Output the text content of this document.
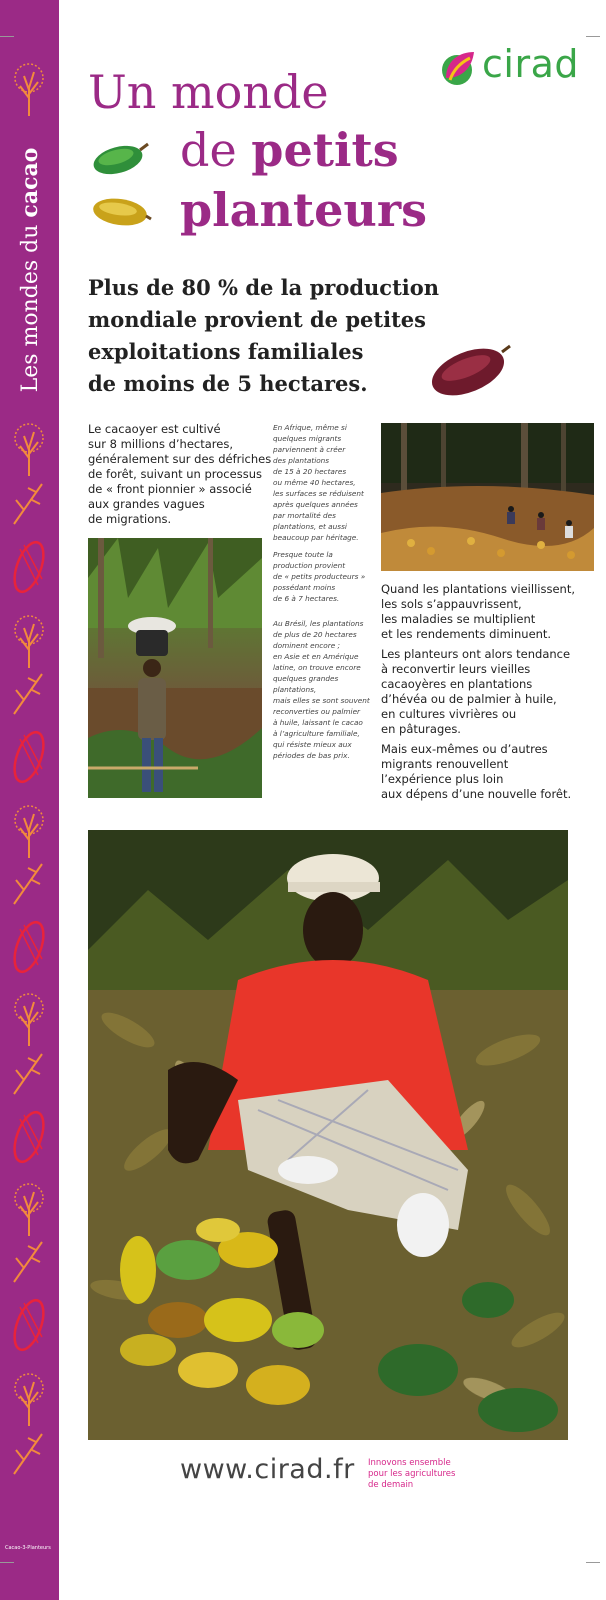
Les mondes du cacao
Cacao-3-Planteurs
cirad
Un monde
de petits
planteurs
Plus de 80 % de la production
mondiale provient de petites
exploitations familiales
de moins de 5 hectares.
Le cacaoyer est cultivé
sur 8 millions d’hectares,
généralement sur des défriches
de forêt, suivant un processus
de « front pionnier » associé
aux grandes vagues
de migrations.
En Afrique, même si
quelques migrants
parviennent à créer
des plantations
de 15 à 20 hectares
ou même 40 hectares,
les surfaces se réduisent
après quelques années
par mortalité des
plantations, et aussi
beaucoup par héritage.
Presque toute la
production provient
de « petits producteurs »
possédant moins
de 6 à 7 hectares.
Au Brésil, les plantations
de plus de 20 hectares
dominent encore ;
en Asie et en Amérique
latine, on trouve encore
quelques grandes
plantations,
mais elles se sont souvent
reconverties ou palmier
à huile, laissant le cacao
à l’agriculture familiale,
qui résiste mieux aux
périodes de bas prix.
Quand les plantations vieillissent,
les sols s’appauvrissent,
les maladies se multiplient
et les rendements diminuent.
Les planteurs ont alors tendance
à reconvertir leurs vieilles
cacaoyères en plantations
d’hévéa ou de palmier à huile,
en cultures vivrières ou
en pâturages.
Mais eux-mêmes ou d’autres
migrants renouvellent
l’expérience plus loin
aux dépens d’une nouvelle forêt.
www.cirad.fr Innovons ensemble
pour les agricultures
de demain
